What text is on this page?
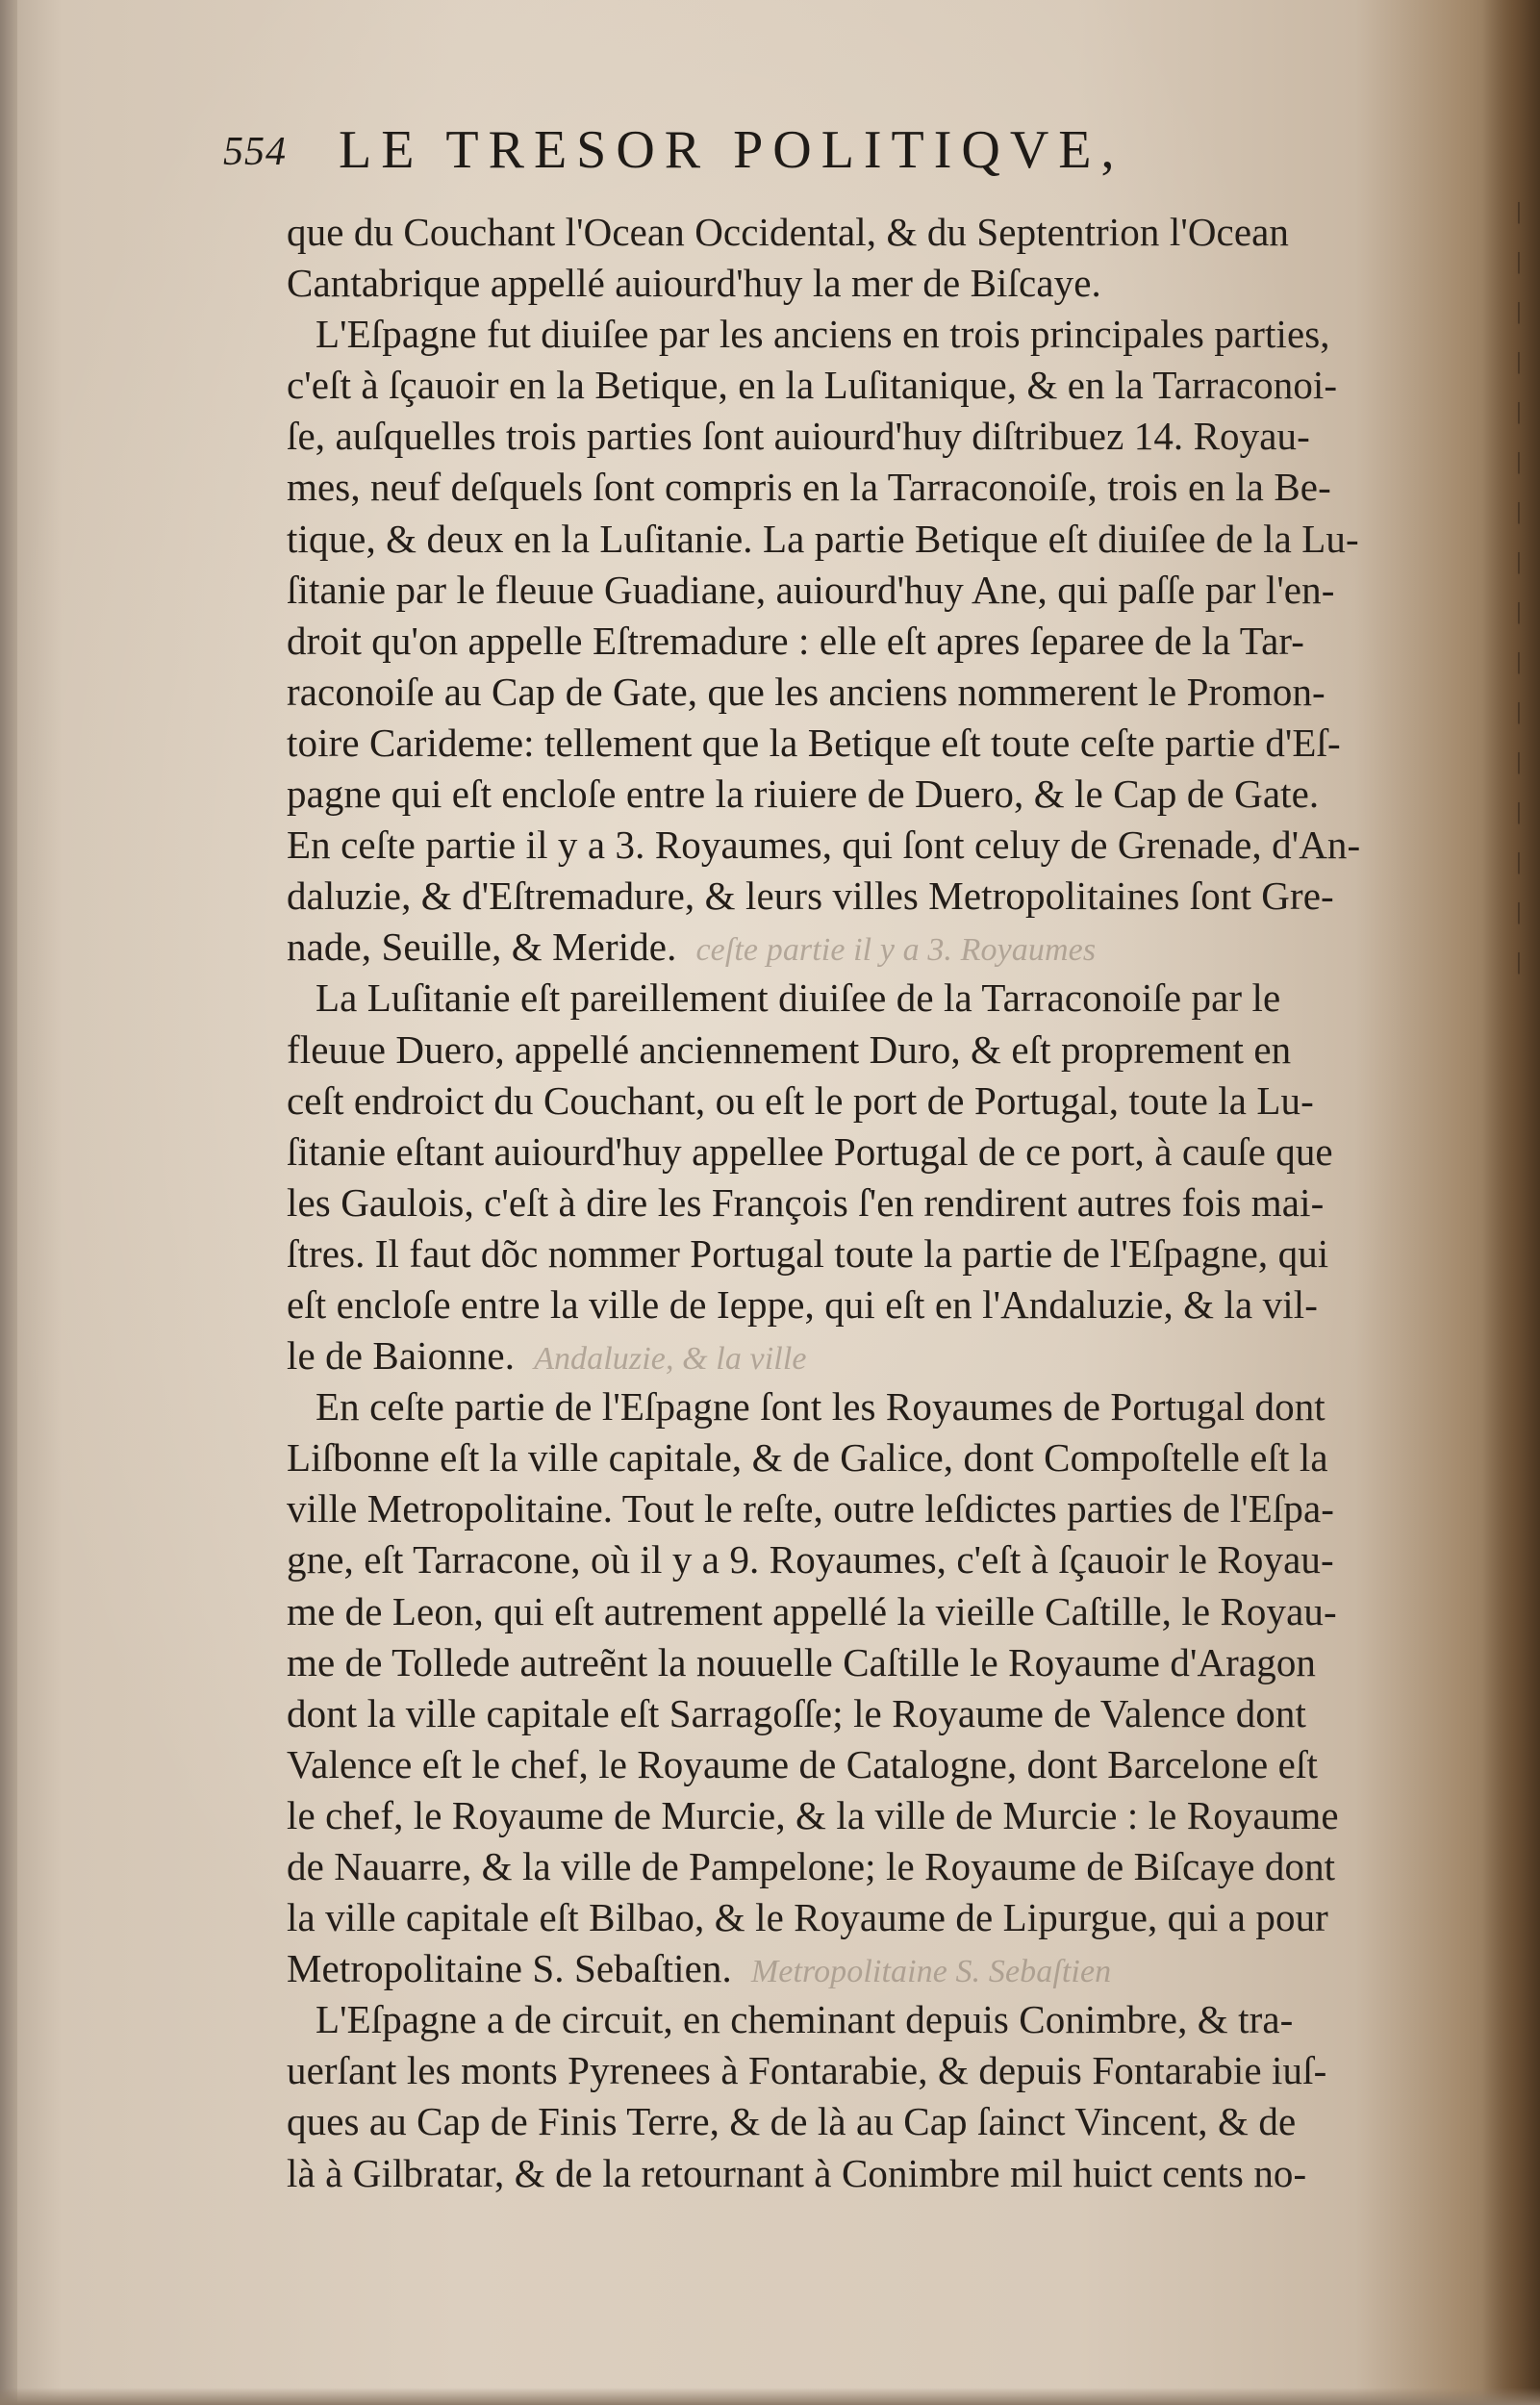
|
|
|
|
|
|
|
|
|
|
|
|
|
|
|
|
554 LE TRESOR POLITIQVE,
que du Couchant l'Ocean Occidental, & du Septentrion l'Ocean
Cantabrique appellé auiourd'huy la mer de Biſcaye.
L'Eſpagne fut diuiſee par les anciens en trois principales parties,
c'eſt à ſçauoir en la Betique, en la Luſitanique, & en la Tarraconoi-
ſe, auſquelles trois parties ſont auiourd'huy diſtribuez 14. Royau-
mes, neuf deſquels ſont compris en la Tarraconoiſe, trois en la Be-
tique, & deux en la Luſitanie. La partie Betique eſt diuiſee de la Lu-
ſitanie par le fleuue Guadiane, auiourd'huy Ane, qui paſſe par l'en-
droit qu'on appelle Eſtremadure : elle eſt apres ſeparee de la Tar-
raconoiſe au Cap de Gate, que les anciens nommerent le Promon-
toire Carideme: tellement que la Betique eſt toute ceſte partie d'Eſ-
pagne qui eſt encloſe entre la riuiere de Duero, & le Cap de Gate.
En ceſte partie il y a 3. Royaumes, qui ſont celuy de Grenade, d'An-
daluzie, & d'Eſtremadure, & leurs villes Metropolitaines ſont Gre-
nade, Seuille, & Meride. ceſte partie il y a 3. Royaumes
La Luſitanie eſt pareillement diuiſee de la Tarraconoiſe par le
fleuue Duero, appellé anciennement Duro, & eſt proprement en
ceſt endroict du Couchant, ou eſt le port de Portugal, toute la Lu-
ſitanie eſtant auiourd'huy appellee Portugal de ce port, à cauſe que
les Gaulois, c'eſt à dire les François ſ'en rendirent autres fois mai-
ſtres. Il faut dõc nommer Portugal toute la partie de l'Eſpagne, qui
eſt encloſe entre la ville de Ieppe, qui eſt en l'Andaluzie, & la vil-
le de Baionne. Andaluzie, & la ville
En ceſte partie de l'Eſpagne ſont les Royaumes de Portugal dont
Liſbonne eſt la ville capitale, & de Galice, dont Compoſtelle eſt la
ville Metropolitaine. Tout le reſte, outre leſdictes parties de l'Eſpa-
gne, eſt Tarracone, où il y a 9. Royaumes, c'eſt à ſçauoir le Royau-
me de Leon, qui eſt autrement appellé la vieille Caſtille, le Royau-
me de Tollede autreẽnt la nouuelle Caſtille le Royaume d'Aragon
dont la ville capitale eſt Sarragoſſe; le Royaume de Valence dont
Valence eſt le chef, le Royaume de Catalogne, dont Barcelone eſt
le chef, le Royaume de Murcie, & la ville de Murcie : le Royaume
de Nauarre, & la ville de Pampelone; le Royaume de Biſcaye dont
la ville capitale eſt Bilbao, & le Royaume de Lipurgue, qui a pour
Metropolitaine S. Sebaſtien. Metropolitaine S. Sebaſtien
L'Eſpagne a de circuit, en cheminant depuis Conimbre, & tra-
uerſant les monts Pyrenees à Fontarabie, & depuis Fontarabie iuſ-
ques au Cap de Finis Terre, & de là au Cap ſainct Vincent, & de
là à Gilbratar, & de la retournant à Conimbre mil huict cents no-
